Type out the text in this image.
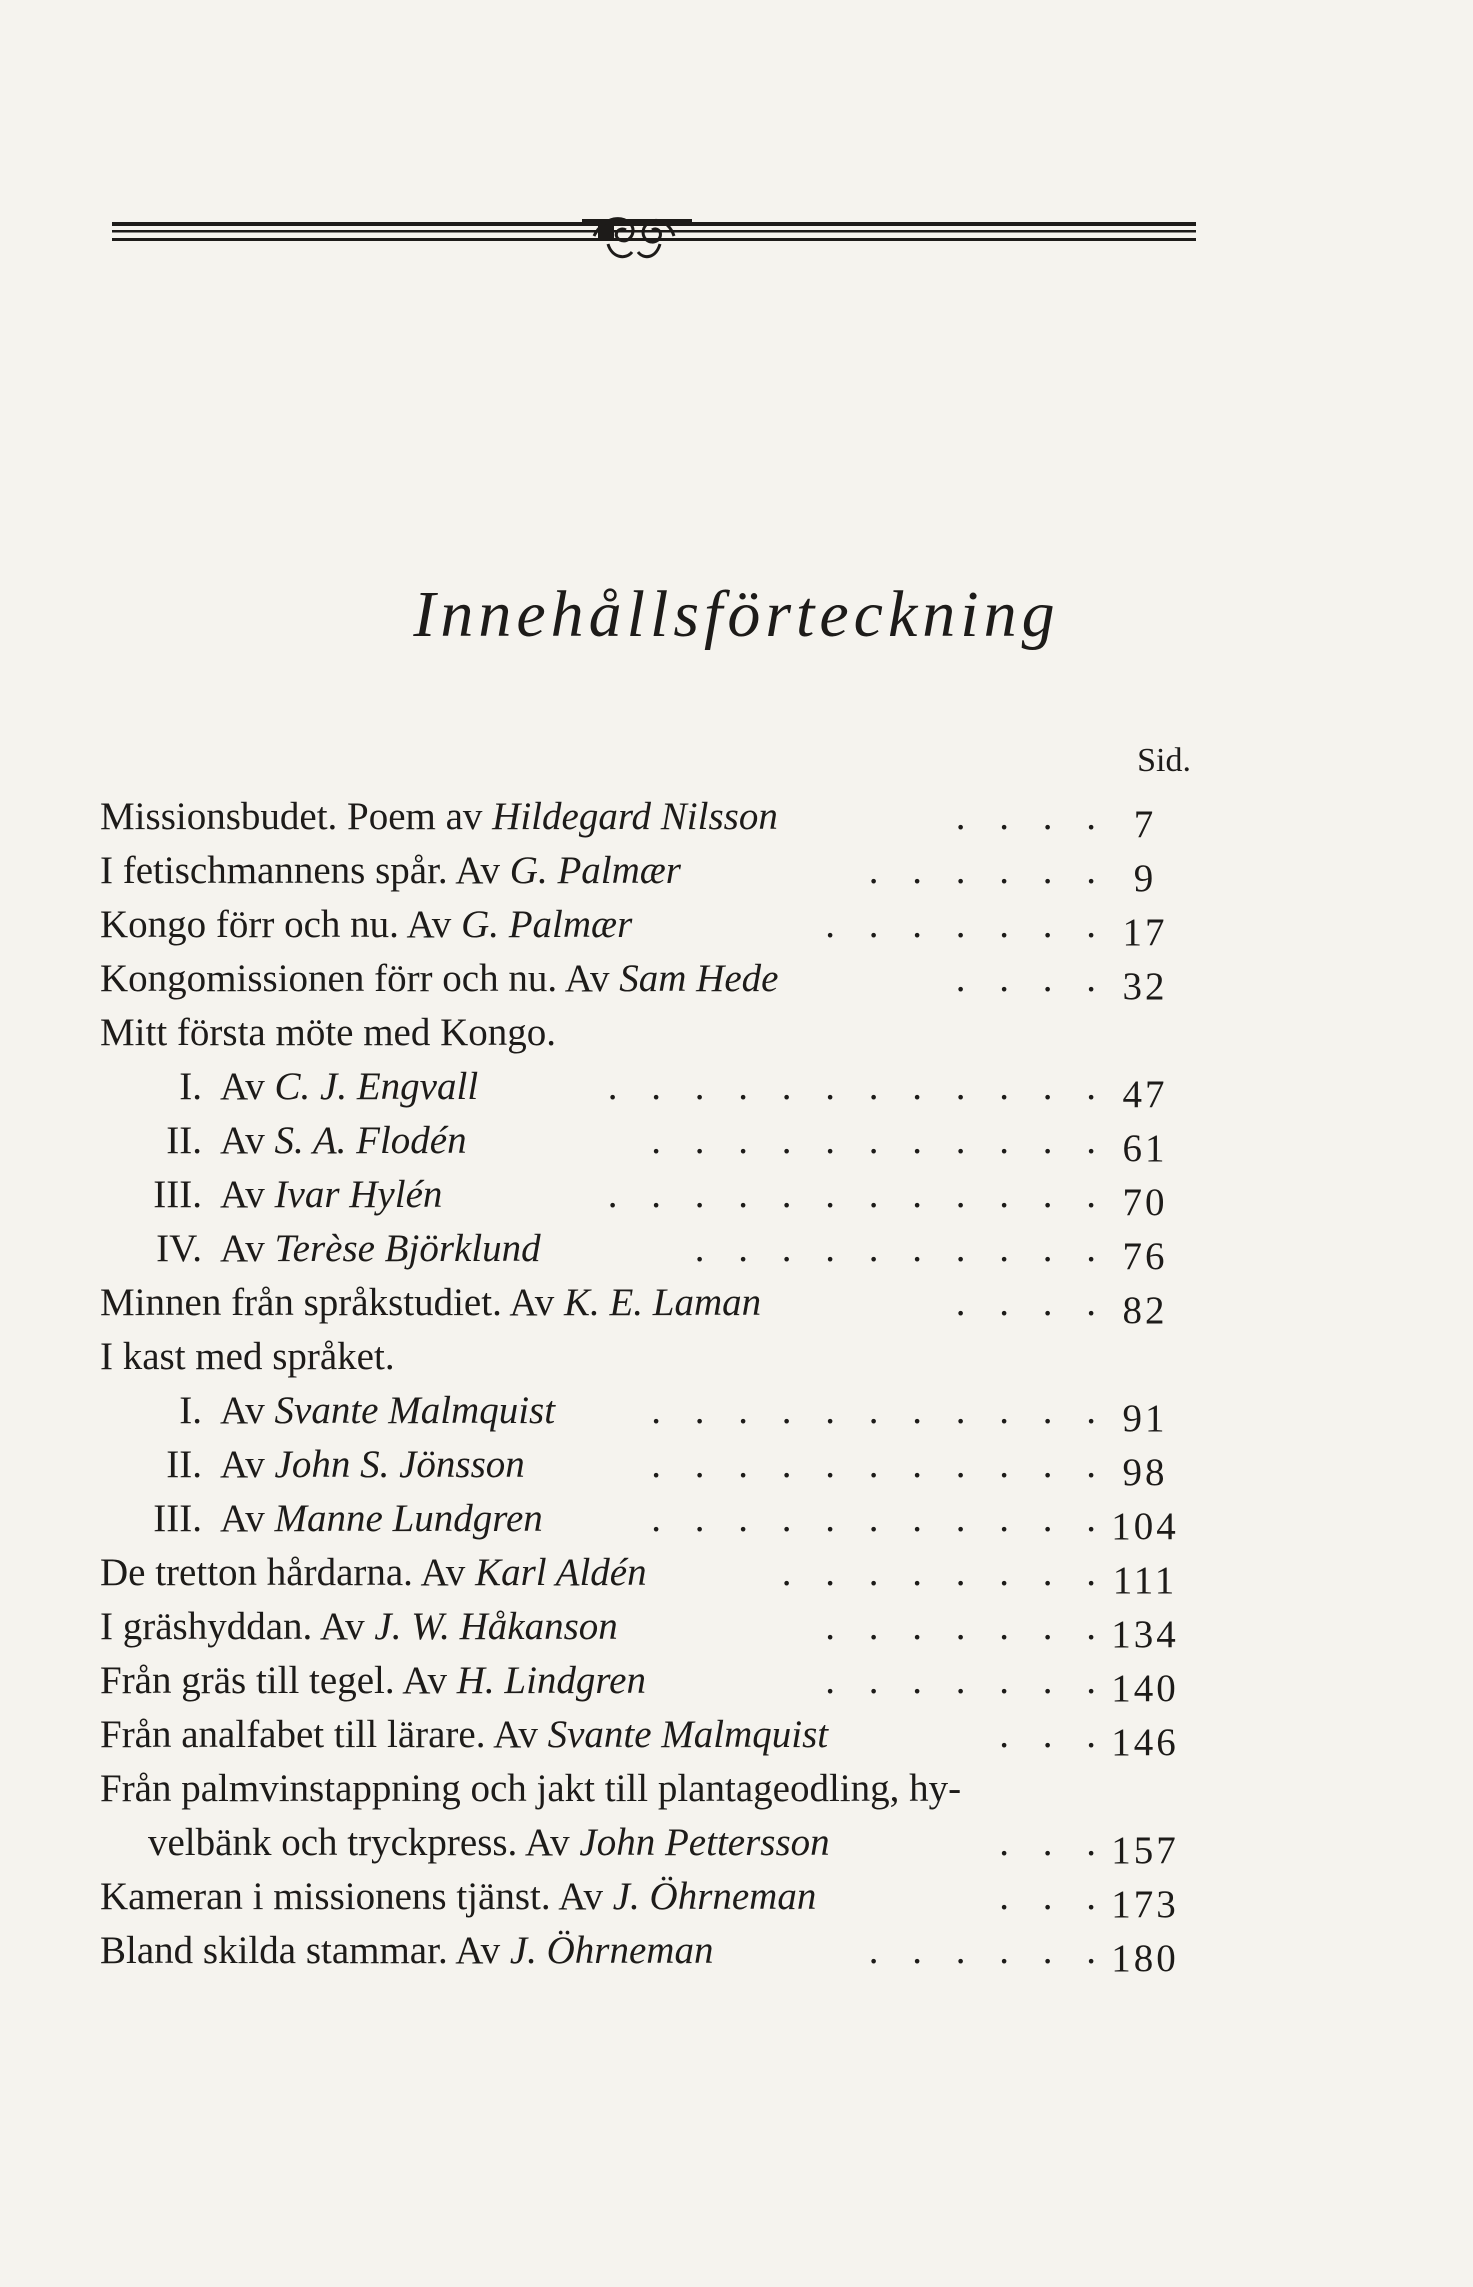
Innehållsförteckning
Sid.
Missionsbudet. Poem av Hildegard Nilsson	. . . . 7
I fetischmannens spår. Av G. Palmær	. . . . . . 9
Kongo förr och nu. Av G. Palmær	. . . . . . . 17
Kongomissionen förr och nu. Av Sam Hede	. . . . 32
Mitt första möte med Kongo.
I. Av C. J. Engvall	. . . . . . . . . . . . 47
II. Av S. A. Flodén	. . . . . . . . . . . 61
III. Av Ivar Hylén	. . . . . . . . . . . . 70
IV. Av Terèse Björklund	. . . . . . . . . . 76
Minnen från språkstudiet. Av K. E. Laman	. . . . 82
I kast med språket.
I. Av Svante Malmquist . . . . . . . . . . . 91
II. Av John S. Jönsson	. . . . . . . . . . . 98
III. Av Manne Lundgren	. . . . . . . . . . . 104
De tretton hårdarna. Av Karl Aldén	. . . . . . . . 111
I gräshyddan. Av J. W. Håkanson	. . . . . . . 134
Från gräs till tegel. Av H. Lindgren	. . . . . . . 140
Från analfabet till lärare. Av Svante Malmquist	. . . 146
Från palmvinstappning och jakt till plantageodling, hy-
velbänk och tryckpress. Av John Pettersson	. . . 157
Kameran i missionens tjänst. Av J. Öhrneman	. . . 173
Bland skilda stammar. Av J. Öhrneman	. . . . . . 180
